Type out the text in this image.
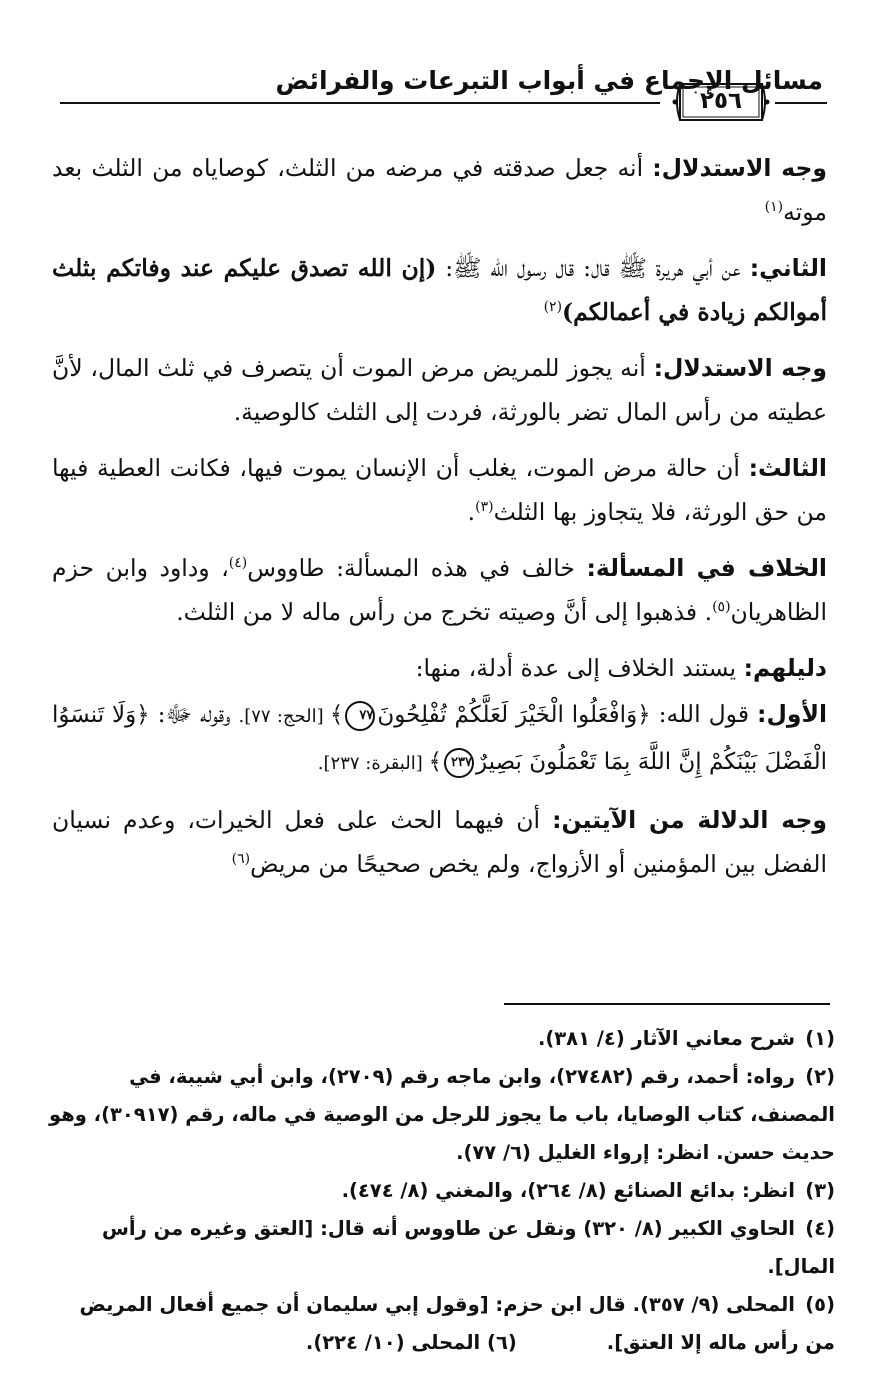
مسائل الإجماع في أبواب التبرعات والفرائض
٢٥٦

وجه الاستدلال: أنه جعل صدقته في مرضه من الثلث، كوصاياه من الثلث بعد موته$^{(١)}$

الثاني: عن أبي هريرة ﷺ قال: قال رسول الله ﷺ: (إن الله تصدق عليكم عند وفاتكم بثلث أموالكم زيادة في أعمالكم)$^{(٢)}$

وجه الاستدلال: أنه يجوز للمريض مرض الموت أن يتصرف في ثلث المال، لأنَّ عطيته من رأس المال تضر بالورثة، فردت إلى الثلث كالوصية.

الثالث: أن حالة مرض الموت، يغلب أن الإنسان يموت فيها، فكانت العطية فيها من حق الورثة، فلا يتجاوز بها الثلث$^{(٣)}$.

الخلاف في المسألة: خالف في هذه المسألة: طاووس$^{(٤)}$، وداود وابن حزم الظاهريان$^{(٥)}$. فذهبوا إلى أنَّ وصيته تخرج من رأس ماله لا من الثلث.

دليلهم: يستند الخلاف إلى عدة أدلة، منها:

الأول: قول الله: ﴿وَافْعَلُوا الْخَيْرَ لَعَلَّكُمْ تُفْلِحُونَ٧٧﴾ [الحج: ٧٧]. وقوله ﷻ: ﴿وَلَا تَنسَوُا الْفَضْلَ بَيْنَكُمْ إِنَّ اللَّهَ بِمَا تَعْمَلُونَ بَصِيرٌ٢٣٧﴾ [البقرة: ٢٣٧].

وجه الدلالة من الآيتين: أن فيهما الحث على فعل الخيرات، وعدم نسيان الفضل بين المؤمنين أو الأزواج، ولم يخص صحيحًا من مريض$^{(٦)}$

(١)شرح معاني الآثار (٤/ ٣٨١).

(٢)رواه: أحمد، رقم (٢٧٤٨٢)، وابن ماجه رقم (٢٧٠٩)، وابن أبي شيبة، في المصنف، كتاب الوصايا، باب ما يجوز للرجل من الوصية في ماله، رقم (٣٠٩١٧)، وهو حديث حسن. انظر: إرواء الغليل (٦/ ٧٧).

(٣)انظر: بدائع الصنائع (٨/ ٢٦٤)، والمغني (٨/ ٤٧٤).

(٤)الحاوي الكبير (٨/ ٣٢٠) ونقل عن طاووس أنه قال: [العتق وغيره من رأس المال].

(٥)المحلى (٩/ ٣٥٧). قال ابن حزم: [وقول إبي سليمان أن جميع أفعال المريض من رأس ماله إلا العتق].(٦) المحلى (١٠/ ٢٢٤).
